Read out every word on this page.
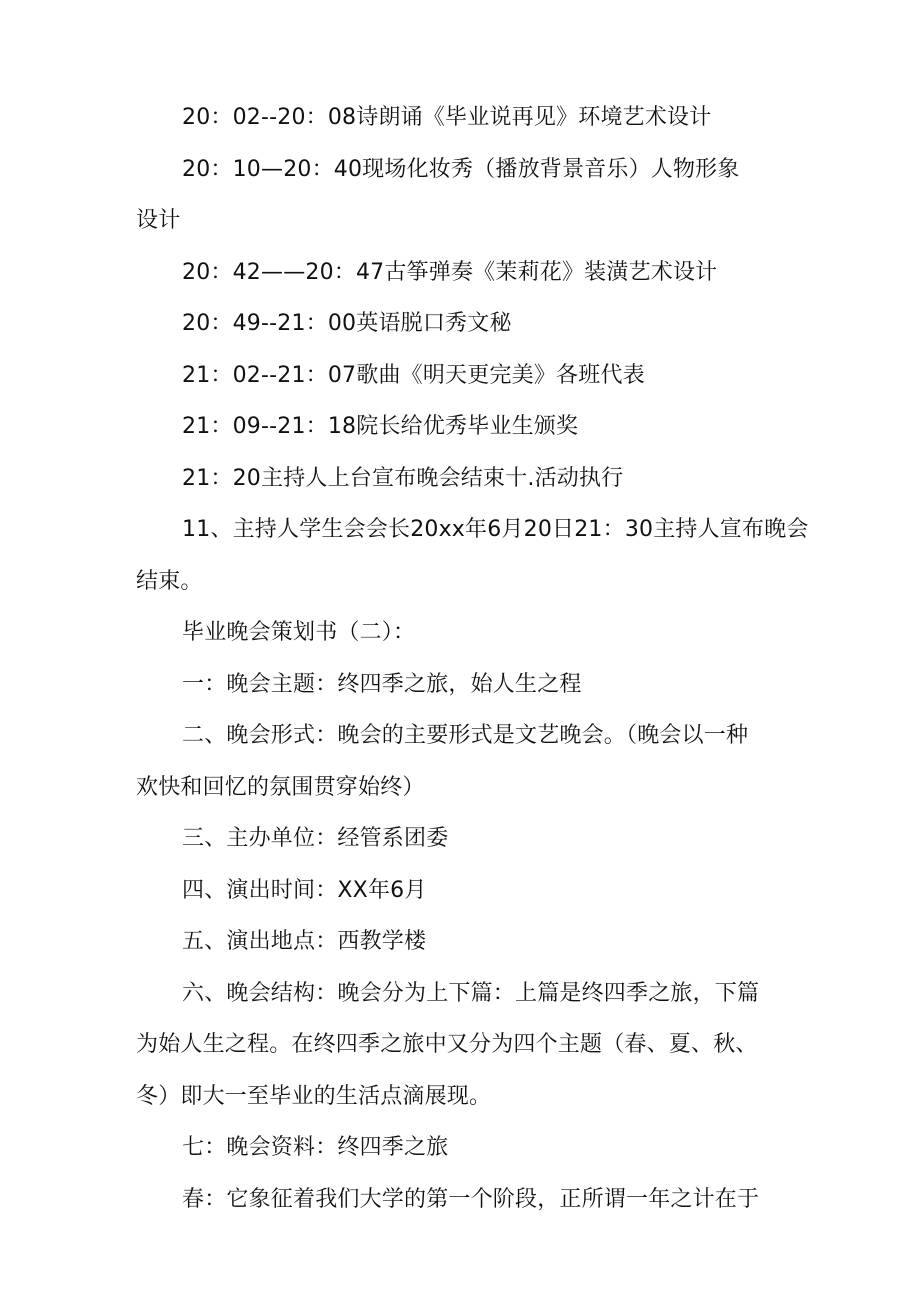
20：02--20：08诗朗诵《毕业说再见》环境艺术设计

20：10—20：40现场化妆秀（播放背景音乐）人物形象

设计

20：42——20：47古筝弹奏《茉莉花》装潢艺术设计

20：49--21：00英语脱口秀文秘

21：02--21：07歌曲《明天更完美》各班代表

21：09--21：18院长给优秀毕业生颁奖

21：20主持人上台宣布晚会结束十.活动执行

11、主持人学生会会长20xx年6月20日21：30主持人宣布晚会

结束。

毕业晚会策划书（二）：

一：晚会主题：终四季之旅，始人生之程

二、晚会形式：晚会的主要形式是文艺晚会。（晚会以一种

欢快和回忆的氛围贯穿始终）

三、主办单位：经管系团委

四、演出时间：XX年6月

五、演出地点：西教学楼

六、晚会结构：晚会分为上下篇：上篇是终四季之旅，下篇

为始人生之程。在终四季之旅中又分为四个主题（春、夏、秋、

冬）即大一至毕业的生活点滴展现。

七：晚会资料：终四季之旅

春：它象征着我们大学的第一个阶段，正所谓一年之计在于
